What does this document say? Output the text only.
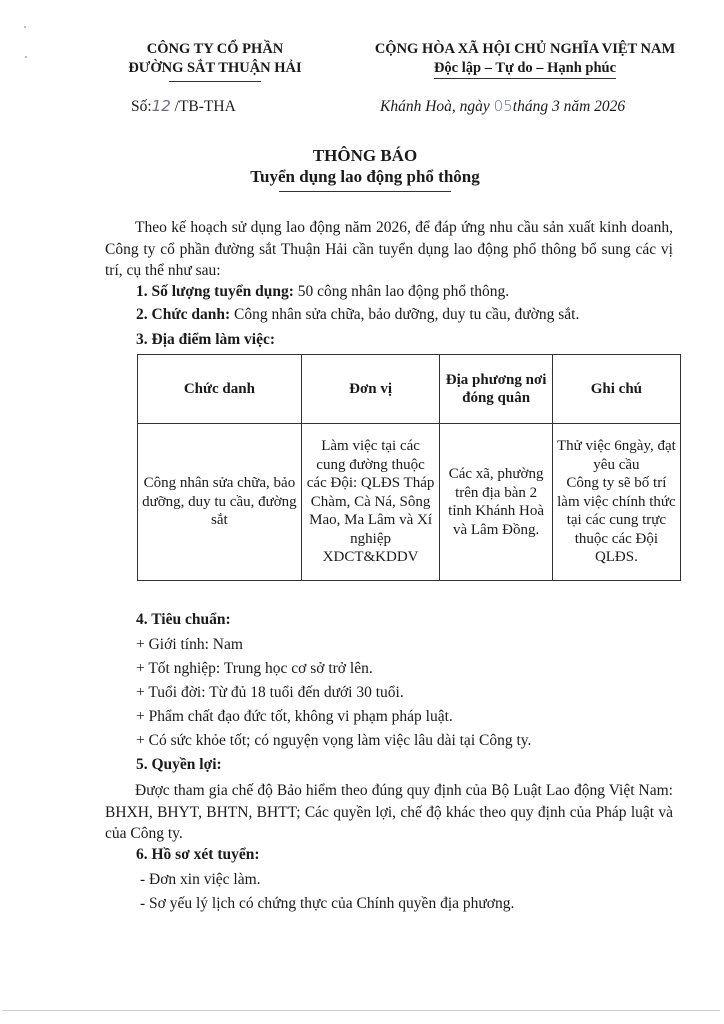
CÔNG TY CỔ PHẦN
ĐƯỜNG SẮT THUẬN HẢI
Số:12 /TB-THA
CỘNG HÒA XÃ HỘI CHỦ NGHĨA VIỆT NAM
Độc lập – Tự do – Hạnh phúc
Khánh Hoà, ngày 05tháng 3 năm 2026
THÔNG BÁO
Tuyển dụng lao động phổ thông
Theo kế hoạch sử dụng lao động năm 2026, để đáp ứng nhu cầu sản xuất kinh doanh, Công ty cổ phần đường sắt Thuận Hải cần tuyển dụng lao động phổ thông bổ sung các vị trí, cụ thể như sau:
1. Số lượng tuyển dụng: 50 công nhân lao động phổ thông.
2. Chức danh: Công nhân sửa chữa, bảo dưỡng, duy tu cầu, đường sắt.
3. Địa điểm làm việc:
Chức danh	Đơn vị	Địa phương nơi đóng quân	Ghi chú
Công nhân sửa chữa, bảo dưỡng, duy tu cầu, đường sắt	Làm việc tại các cung đường thuộc các Đội: QLĐS Tháp Chàm, Cà Ná, Sông Mao, Ma Lâm và Xí nghiệp XDCT&KDDV	Các xã, phường trên địa bàn 2 tỉnh Khánh Hoà và Lâm Đồng.	Thử việc 6ngày, đạt yêu cầu
Công ty sẽ bố trí làm việc chính thức tại các cung trực thuộc các Đội QLĐS.
4. Tiêu chuẩn:
+ Giới tính: Nam
+ Tốt nghiệp: Trung học cơ sở trở lên.
+ Tuổi đời: Từ đủ 18 tuổi đến dưới 30 tuổi.
+ Phẩm chất đạo đức tốt, không vi phạm pháp luật.
+ Có sức khỏe tốt; có nguyện vọng làm việc lâu dài tại Công ty.
5. Quyền lợi:
Được tham gia chế độ Bảo hiểm theo đúng quy định của Bộ Luật Lao động Việt Nam: BHXH, BHYT, BHTN, BHTT; Các quyền lợi, chế độ khác theo quy định của Pháp luật và của Công ty.
6. Hồ sơ xét tuyển:
- Đơn xin việc làm.
- Sơ yếu lý lịch có chứng thực của Chính quyền địa phương.
